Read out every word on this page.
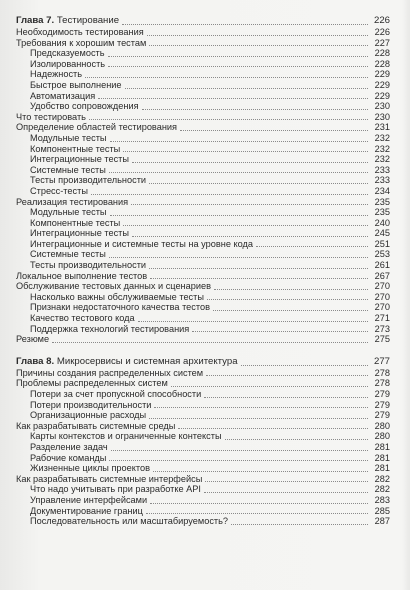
Глава 7. Тестирование	226
Необходимость тестирования	226
Требования к хорошим тестам	227
Предсказуемость	228
Изолированность	228
Надежность	229
Быстрое выполнение	229
Автоматизация	229
Удобство сопровождения	230
Что тестировать	230
Определение областей тестирования	231
Модульные тесты	232
Компонентные тесты	232
Интеграционные тесты	232
Системные тесты	233
Тесты производительности	233
Стресс-тесты	234
Реализация тестирования	235
Модульные тесты	235
Компонентные тесты	240
Интеграционные тесты	245
Интеграционные и системные тесты на уровне кода	251
Системные тесты	253
Тесты производительности	261
Локальное выполнение тестов	267
Обслуживание тестовых данных и сценариев	270
Насколько важны обслуживаемые тесты	270
Признаки недостаточного качества тестов	270
Качество тестового кода	271
Поддержка технологий тестирования	273
Резюме	275
Глава 8. Микросервисы и системная архитектура	277
Причины создания распределенных систем	278
Проблемы распределенных систем	278
Потери за счет пропускной способности	279
Потери производительности	279
Организационные расходы	279
Как разрабатывать системные среды	280
Карты контекстов и ограниченные контексты	280
Разделение задач	281
Рабочие команды	281
Жизненные циклы проектов	281
Как разрабатывать системные интерфейсы	282
Что надо учитывать при разработке API	282
Управление интерфейсами	283
Документирование границ	285
Последовательность или масштабируемость?	287
